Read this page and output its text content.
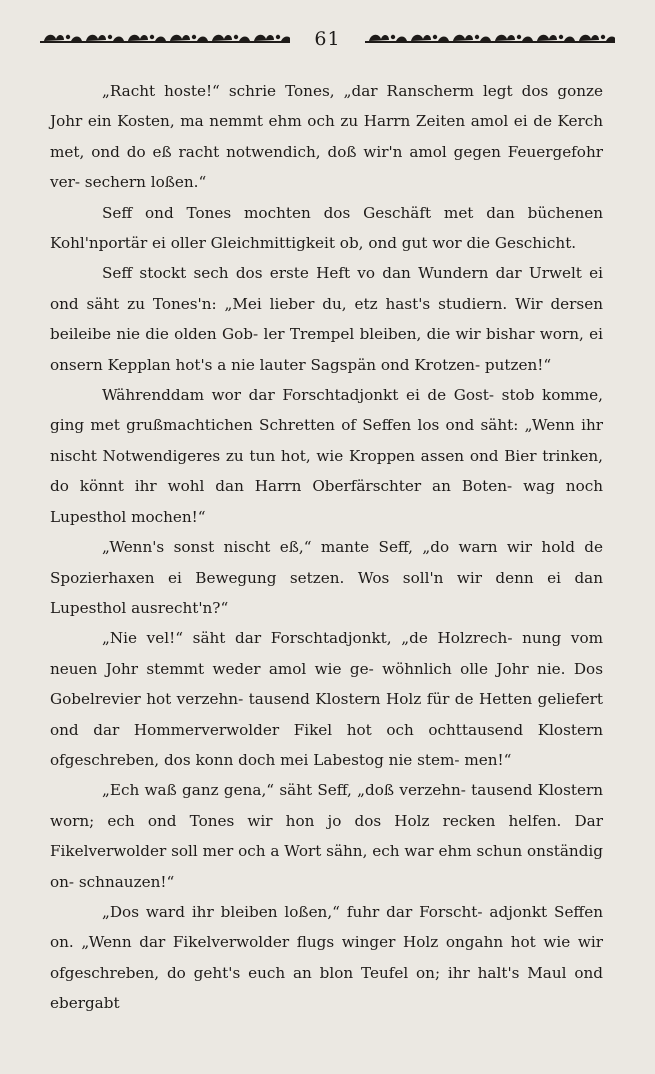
61

„Racht hoste!“ schrie Tones, „dar Ranscherm legt dos gonze Johr ein Kosten, ma nemmt ehm och zu Harrn Zeiten amol ei de Kerch met, ond do eß racht notwendich, doß wir'n amol gegen Feuergefohr ver- sechern loßen.“

Seff ond Tones mochten dos Geschäft met dan büchenen Kohl'nportär ei oller Gleichmittigkeit ob, ond gut wor die Geschicht.

Seff stockt sech dos erste Heft vo dan Wundern dar Urwelt ei ond säht zu Tones'n: „Mei lieber du, etz hast's studiern. Wir dersen beileibe nie die olden Gob- ler Trempel bleiben, die wir bishar worn, ei onsern Kepplan hot's a nie lauter Sagspän ond Krotzen- putzen!“

Währenddam wor dar Forschtadjonkt ei de Gost- stob komme, ging met grußmachtichen Schretten of Seffen los ond säht: „Wenn ihr nischt Notwendigeres zu tun hot, wie Kroppen assen ond Bier trinken, do könnt ihr wohl dan Harrn Oberfärschter an Boten- wag noch Lupesthol mochen!“

„Wenn's sonst nischt eß,“ mante Seff, „do warn wir hold de Spozierhaxen ei Bewegung setzen. Wos soll'n wir denn ei dan Lupesthol ausrecht'n?“

„Nie vel!“ säht dar Forschtadjonkt, „de Holzrech- nung vom neuen Johr stemmt weder amol wie ge- wöhnlich olle Johr nie. Dos Gobelrevier hot verzehn- tausend Klostern Holz für de Hetten geliefert ond dar Hommerverwolder Fikel hot och ochttausend Klostern ofgeschreben, dos konn doch mei Labestog nie stem- men!“

„Ech waß ganz gena,“ säht Seff, „doß verzehn- tausend Klostern worn; ech ond Tones wir hon jo dos Holz recken helfen. Dar Fikelverwolder soll mer och a Wort sähn, ech war ehm schun onständig on- schnauzen!“

„Dos ward ihr bleiben loßen,“ fuhr dar Forscht- adjonkt Seffen on. „Wenn dar Fikelverwolder flugs winger Holz ongahn hot wie wir ofgeschreben, do geht's euch an blon Teufel on; ihr halt's Maul ond ebergabt
